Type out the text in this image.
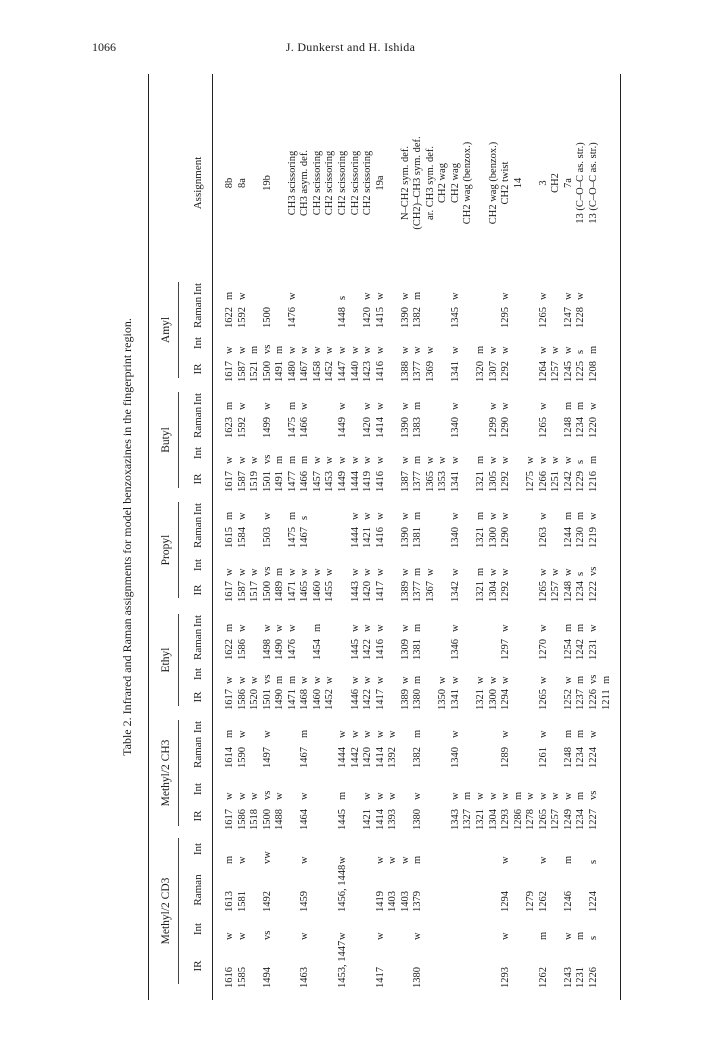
1066	J. Dunkerst and H. Ishida
Table 2. Infrared and Raman assignments for model benzoxazines in the fingerprint region.
Methyl/2 CD3
Methyl/2 CH3
Ethyl
Propyl
Butyl
Amyl
IR
Int
Raman
Int
IR
Int
Raman
Int
IR
Int
Raman
Int
IR
Int
Raman
Int
IR
Int
Raman
Int
IR
Int
Raman
Int
Assignment
1616
w
1613
m
1617
w
1614
m
1617
w
1622
m
1617
w
1615
m
1617
w
1623
m
1617
w
1622
m
8b
1585
w
1581
w
1586
w
1590
w
1586
w
1586
w
1587
w
1584
w
1587
w
1592
w
1587
w
1592
w
8a
1518
w
1520
w
1517
w
1519
w
1521
m
1494
vs
1492
vw
1500
vs
1497
w
1501
vs
1498
w
1500
vs
1503
w
1501
vs
1499
w
1500
vs
1500
19b
1488
w
1490
m
1490
w
1489
m
1491
m
1491
m
1471
m
1476
w
1471
w
1475
m
1477
m
1475
m
1480
w
1476
w
CH3 scissoring
1463
w
1459
w
1464
w
1467
m
1468
w
1465
w
1467
s
1466
m
1466
w
1467
w
CH3 asym. def.
1460
w
1454
m
1460
w
1457
w
1458
w
CH2 scissoring
1452
w
1455
w
1453
w
1452
w
CH2 scissoring
1453, 1447
w
1456, 1448
w
1445
m
1444
w
1449
w
1449
w
1447
w
1448
s
CH2 scissoring
1442
w
1446
w
1445
w
1443
w
1444
w
1444
w
1440
w
CH2 scissoring
1421
w
1420
w
1422
w
1422
w
1420
w
1421
w
1419
w
1420
w
1423
w
1420
w
CH2 scissoring
1417
w
1419
w
1414
w
1414
w
1417
w
1416
w
1417
w
1416
w
1416
w
1414
w
1416
w
1415
w
19a
1403
w
1393
w
1392
w
1403
w
1389
w
1309
w
1389
w
1390
w
1387
w
1390
w
1388
w
1390
w
N–CH2 sym. def.
1380
w
1379
m
1380
w
1382
m
1380
m
1381
m
1377
m
1381
m
1377
m
1383
m
1377
w
1382
m
(CH2)–CH3 sym. def.
1367
w
1365
w
1369
w
ar. CH3 sym. def.
1350
w
1353
w
CH2 wag
1343
w
1340
w
1341
w
1346
w
1342
w
1340
w
1341
w
1340
w
1341
w
1345
w
CH2 wag
1327
m
CH2 wag (benzox.)
1321
w
1321
w
1321
m
1321
m
1321
m
1320
m
1304
w
1300
w
1304
w
1300
w
1305
w
1299
w
1307
w
CH2 wag (benzox.)
1293
w
1294
w
1293
w
1289
w
1294
w
1297
w
1292
w
1290
w
1292
w
1290
w
1292
w
1295
w
CH2 twist
1286
m
14
1279
1278
w
1275
w
1262
m
1262
w
1265
w
1261
w
1265
w
1270
w
1265
w
1263
w
1266
w
1265
w
1264
w
1265
w
3
1257
w
1257
w
1251
w
1257
w
CH2
1243
w
1246
m
1249
w
1248
m
1252
w
1254
m
1248
w
1244
m
1242
w
1248
m
1245
w
1247
w
7a
1231
m
1234
m
1234
m
1237
m
1242
m
1234
s
1230
m
1229
s
1234
m
1225
s
1228
w
13 (C–O–C as. str.)
1226
s
1224
s
1227
vs
1224
w
1226
vs
1231
w
1222
vs
1219
w
1216
m
1220
w
1208
m
13 (C–O–C as. str.)
1211
m
